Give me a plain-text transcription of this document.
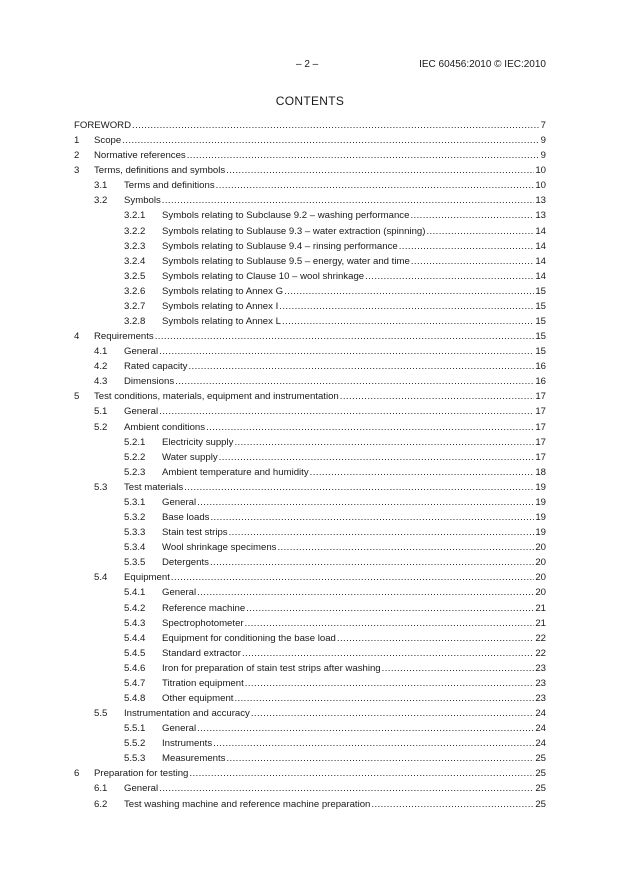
– 2 –	IEC 60456:2010 © IEC:2010
CONTENTS
FOREWORD .....	7
1 Scope .....	9
2 Normative references .....	9
3 Terms, definitions and symbols .....	10
3.1 Terms and definitions .....	10
3.2 Symbols .....	13
3.2.1 Symbols relating to Subclause 9.2 – washing performance .....	13
3.2.2 Symbols relating to Sublause 9.3 – water extraction (spinning) .....	14
3.2.3 Symbols relating to Sublause 9.4 – rinsing performance .....	14
3.2.4 Symbols relating to Sublause 9.5 – energy, water and time .....	14
3.2.5 Symbols relating to Clause 10 – wool shrinkage .....	14
3.2.6 Symbols relating to Annex G .....	15
3.2.7 Symbols relating to Annex I .....	15
3.2.8 Symbols relating to Annex L .....	15
4 Requirements .....	15
4.1 General .....	15
4.2 Rated capacity .....	16
4.3 Dimensions .....	16
5 Test conditions, materials, equipment and instrumentation .....	17
5.1 General .....	17
5.2 Ambient conditions .....	17
5.2.1 Electricity supply .....	17
5.2.2 Water supply .....	17
5.2.3 Ambient temperature and humidity .....	18
5.3 Test materials .....	19
5.3.1 General .....	19
5.3.2 Base loads .....	19
5.3.3 Stain test strips .....	19
5.3.4 Wool shrinkage specimens .....	20
5.3.5 Detergents .....	20
5.4 Equipment .....	20
5.4.1 General .....	20
5.4.2 Reference machine .....	21
5.4.3 Spectrophotometer .....	21
5.4.4 Equipment for conditioning the base load .....	22
5.4.5 Standard extractor .....	22
5.4.6 Iron for preparation of stain test strips after washing .....	23
5.4.7 Titration equipment .....	23
5.4.8 Other equipment .....	23
5.5 Instrumentation and accuracy .....	24
5.5.1 General .....	24
5.5.2 Instruments .....	24
5.5.3 Measurements .....	25
6 Preparation for testing .....	25
6.1 General .....	25
6.2 Test washing machine and reference machine preparation .....	25
